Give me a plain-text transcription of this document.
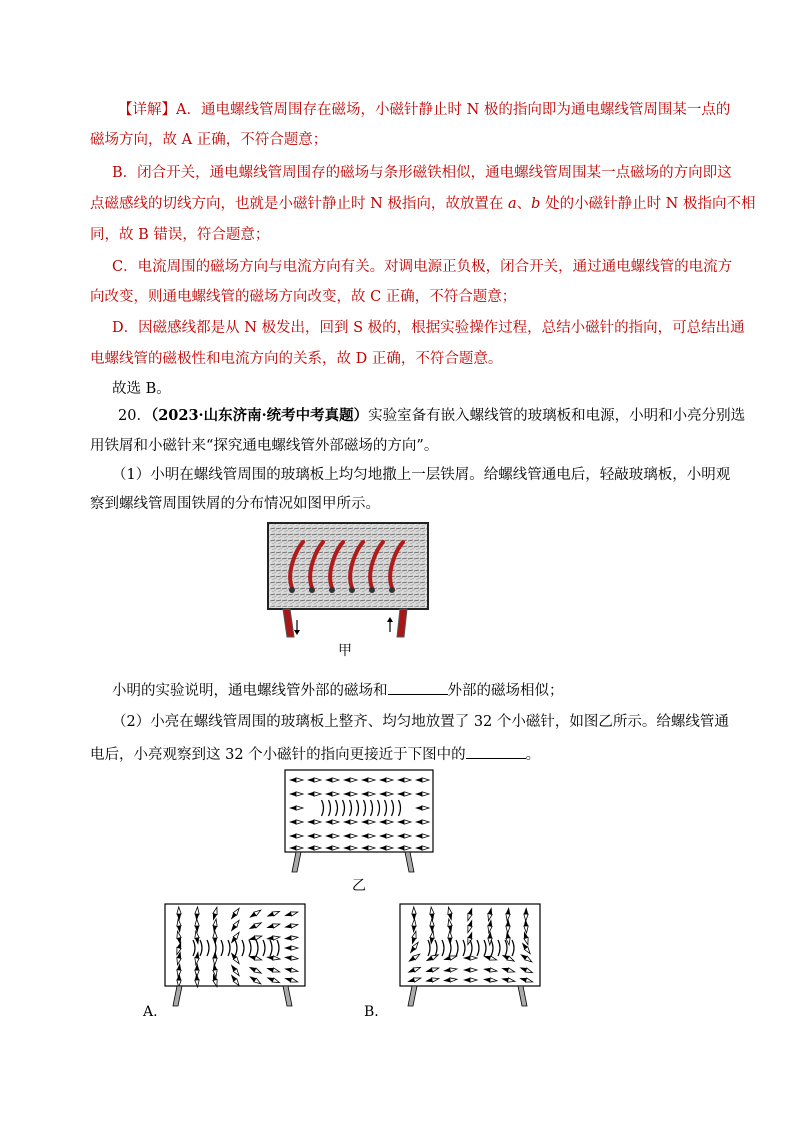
【详解】A．通电螺线管周围存在磁场，小磁针静止时 N 极的指向即为通电螺线管周围某一点的
磁场方向，故 A 正确，不符合题意；
B．闭合开关，通电螺线管周围存的磁场与条形磁铁相似，通电螺线管周围某一点磁场的方向即这
点磁感线的切线方向，也就是小磁针静止时 N 极指向，故放置在 a、b 处的小磁针静止时 N 极指向不相
同，故 B 错误，符合题意；
C．电流周围的磁场方向与电流方向有关。对调电源正负极，闭合开关，通过通电螺线管的电流方
向改变，则通电螺线管的磁场方向改变，故 C 正确，不符合题意；
D．因磁感线都是从 N 极发出，回到 S 极的，根据实验操作过程，总结小磁针的指向，可总结出通
电螺线管的磁极性和电流方向的关系，故 D 正确，不符合题意。
故选 B。
20．（2023·山东济南·统考中考真题）实验室备有嵌入螺线管的玻璃板和电源，小明和小亮分别选
用铁屑和小磁针来“探究通电螺线管外部磁场的方向”。
（1）小明在螺线管周围的玻璃板上均匀地撒上一层铁屑。给螺线管通电后，轻敲玻璃板，小明观
察到螺线管周围铁屑的分布情况如图甲所示。
甲
小明的实验说明，通电螺线管外部的磁场和	外部的磁场相似；
（2）小亮在螺线管周围的玻璃板上整齐、均匀地放置了 32 个小磁针，如图乙所示。给螺线管通
电后，小亮观察到这 32 个小磁针的指向更接近于下图中的	。
乙
A.	B.
